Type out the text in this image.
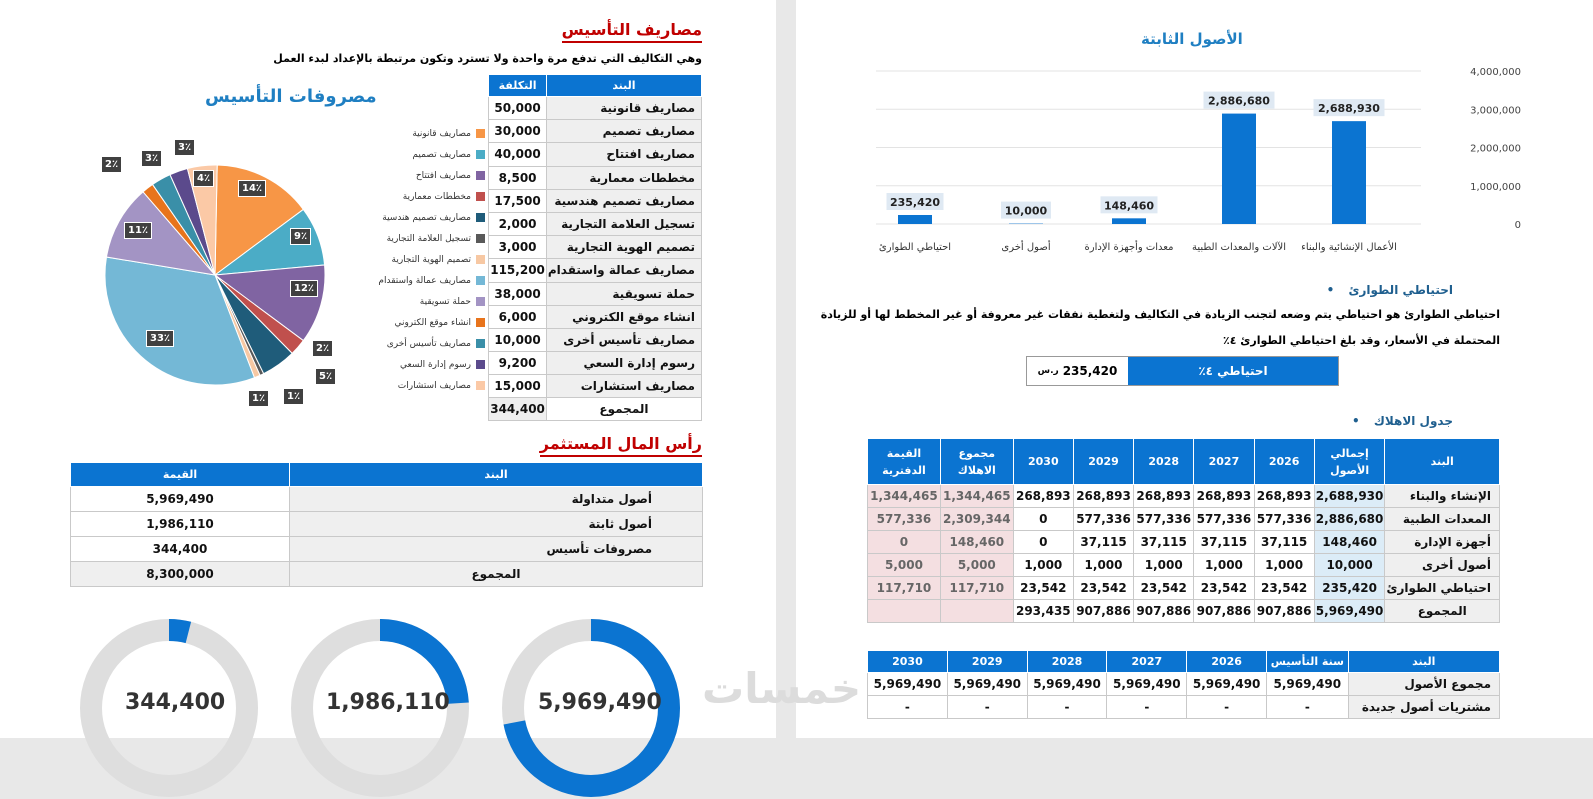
مصاريف التأسيس
وهي التكاليف التي تدفع مرة واحدة ولا تسترد وتكون مرتبطة بالإعداد لبدء العمل
البند	التكلفة
مصاريف قانونية	50,000
مصاريف تصميم	30,000
مصاريف افتتاح	40,000
مخططات معمارية	8,500
مصاريف تصميم هندسية	17,500
تسجيل العلامة التجارية	2,000
تصميم الهوية التجارية	3,000
مصاريف عمالة واستقدام	115,200
حملة تسويقية	38,000
انشاء موقع الكتروني	6,000
مصاريف تأسيس أخرى	10,000
رسوم إدارة السعي	9,200
مصاريف استشارات	15,000
المجموع	344,400
مصروفات التأسيس
14٪
9٪
12٪
2٪
5٪
1٪
1٪
33٪
11٪
2٪
3٪
3٪
4٪
مصاريف قانونية
مصاريف تصميم
مصاريف افتتاح
مخططات معمارية
مصاريف تصميم هندسية
تسجيل العلامة التجارية
تصميم الهوية التجارية
مصاريف عمالة واستقدام
حملة تسويقية
انشاء موقع الكتروني
مصاريف تأسيس أخرى
رسوم إدارة السعي
مصاريف استشارات
رأس المال المستثمر
البند	القيمة
أصول متداولة	5,969,490
أصول ثابتة	1,986,110
مصروفات تأسيس	344,400
المجموع	8,300,000
5,969,490
1,986,110
344,400
الأصول الثابتة
0
1,000,000
2,000,000
3,000,000
4,000,000
2,688,930
الأعمال الإنشائية والبناء
2,886,680
الآلات والمعدات الطبية
148,460
معدات وأجهزة الإدارة
10,000
أصول أخرى
235,420
احتياطي الطوارئ
احتياطي الطوارئ •
احتياطي الطوارئ هو احتياطي يتم وضعه لتجنب الزيادة في التكاليف ولتغطية نفقات غير معروفة أو غير المخطط لها أو للزيادة
المحتملة في الأسعار، وقد بلغ احتياطي الطوارئ ٤٪
احتياطي ٤٪
235,420
ر.س
جدول الاهلاك •
البند	إجمالي الأصول	2026	2027	2028	2029	2030	مجموع الاهلاك	القيمة الدفترية
الإنشاء والبناء	2,688,930	268,893	268,893	268,893	268,893	268,893	1,344,465	1,344,465
المعدات الطبية	2,886,680	577,336	577,336	577,336	577,336	0	2,309,344	577,336
أجهزة الإدارة	148,460	37,115	37,115	37,115	37,115	0	148,460	0
أصول أخرى	10,000	1,000	1,000	1,000	1,000	1,000	5,000	5,000
احتياطي الطوارئ	235,420	23,542	23,542	23,542	23,542	23,542	117,710	117,710
المجموع	5,969,490	907,886	907,886	907,886	907,886	293,435		
البند	سنة التأسيس	2026	2027	2028	2029	2030
مجموع الأصول	5,969,490	5,969,490	5,969,490	5,969,490	5,969,490	5,969,490
مشتريات أصول جديدة	-	-	-	-	-	-
خمسات
